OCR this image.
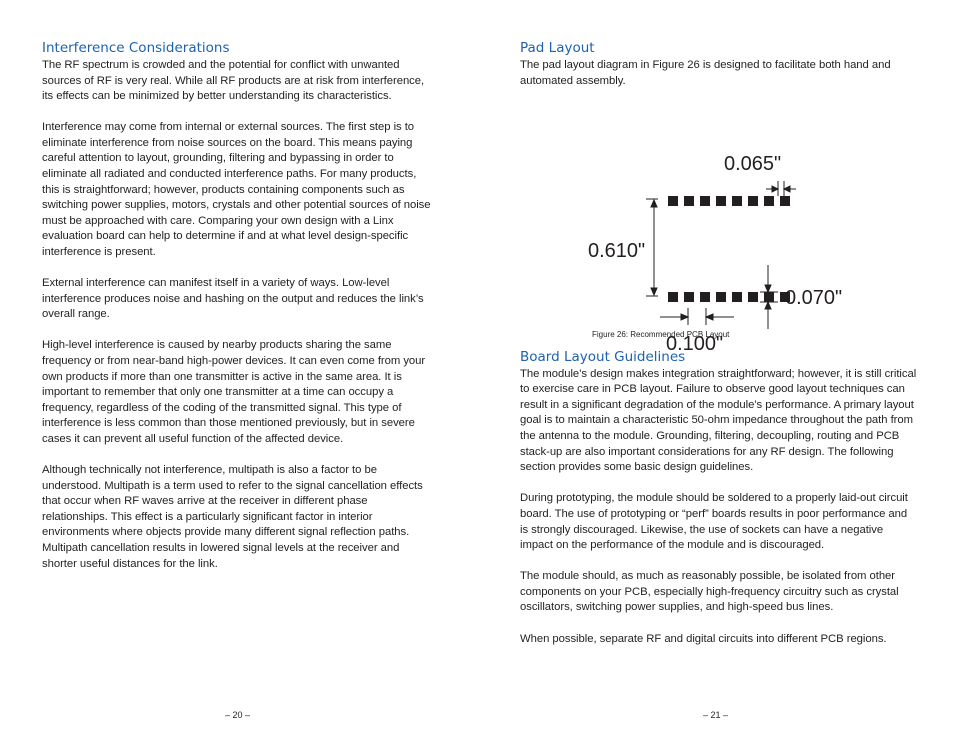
Interference Considerations

The RF spectrum is crowded and the potential for conflict with unwanted sources of RF is very real. While all RF products are at risk from interference, its effects can be minimized by better understanding its characteristics.

Interference may come from internal or external sources. The first step is to eliminate interference from noise sources on the board. This means paying careful attention to layout, grounding, filtering and bypassing in order to eliminate all radiated and conducted interference paths. For many products, this is straightforward; however, products containing components such as switching power supplies, motors, crystals and other potential sources of noise must be approached with care. Comparing your own design with a Linx evaluation board can help to determine if and at what level design-specific interference is present.

External interference can manifest itself in a variety of ways. Low-level interference produces noise and hashing on the output and reduces the link’s overall range.

High-level interference is caused by nearby products sharing the same frequency or from near-band high-power devices. It can even come from your own products if more than one transmitter is active in the same area. It is important to remember that only one transmitter at a time can occupy a frequency, regardless of the coding of the transmitted signal. This type of interference is less common than those mentioned previously, but in severe cases it can prevent all useful function of the affected device.

Although technically not interference, multipath is also a factor to be understood. Multipath is a term used to refer to the signal cancellation effects that occur when RF waves arrive at the receiver in different phase relationships. This effect is a particularly significant factor in interior environments where objects provide many different signal reflection paths. Multipath cancellation results in lowered signal levels at the receiver and shorter useful distances for the link.

Pad Layout

The pad layout diagram in Figure 26 is designed to facilitate both hand and automated assembly.

0.065"
0.610"
0.070"
0.100"
Figure 26: Recommended PCB Layout
Board Layout Guidelines

The module’s design makes integration straightforward; however, it is still critical to exercise care in PCB layout. Failure to observe good layout techniques can result in a significant degradation of the module’s performance. A primary layout goal is to maintain a characteristic 50-ohm impedance throughout the path from the antenna to the module. Grounding, filtering, decoupling, routing and PCB stack-up are also important considerations for any RF design. The following section provides some basic design guidelines.

During prototyping, the module should be soldered to a properly laid-out circuit board. The use of prototyping or “perf” boards results in poor performance and is strongly discouraged. Likewise, the use of sockets can have a negative impact on the performance of the module and is discouraged.

The module should, as much as reasonably possible, be isolated from other components on your PCB, especially high-frequency circuitry such as crystal oscillators, switching power supplies, and high-speed bus lines.

When possible, separate RF and digital circuits into different PCB regions.

– 20 –	– 21 –
